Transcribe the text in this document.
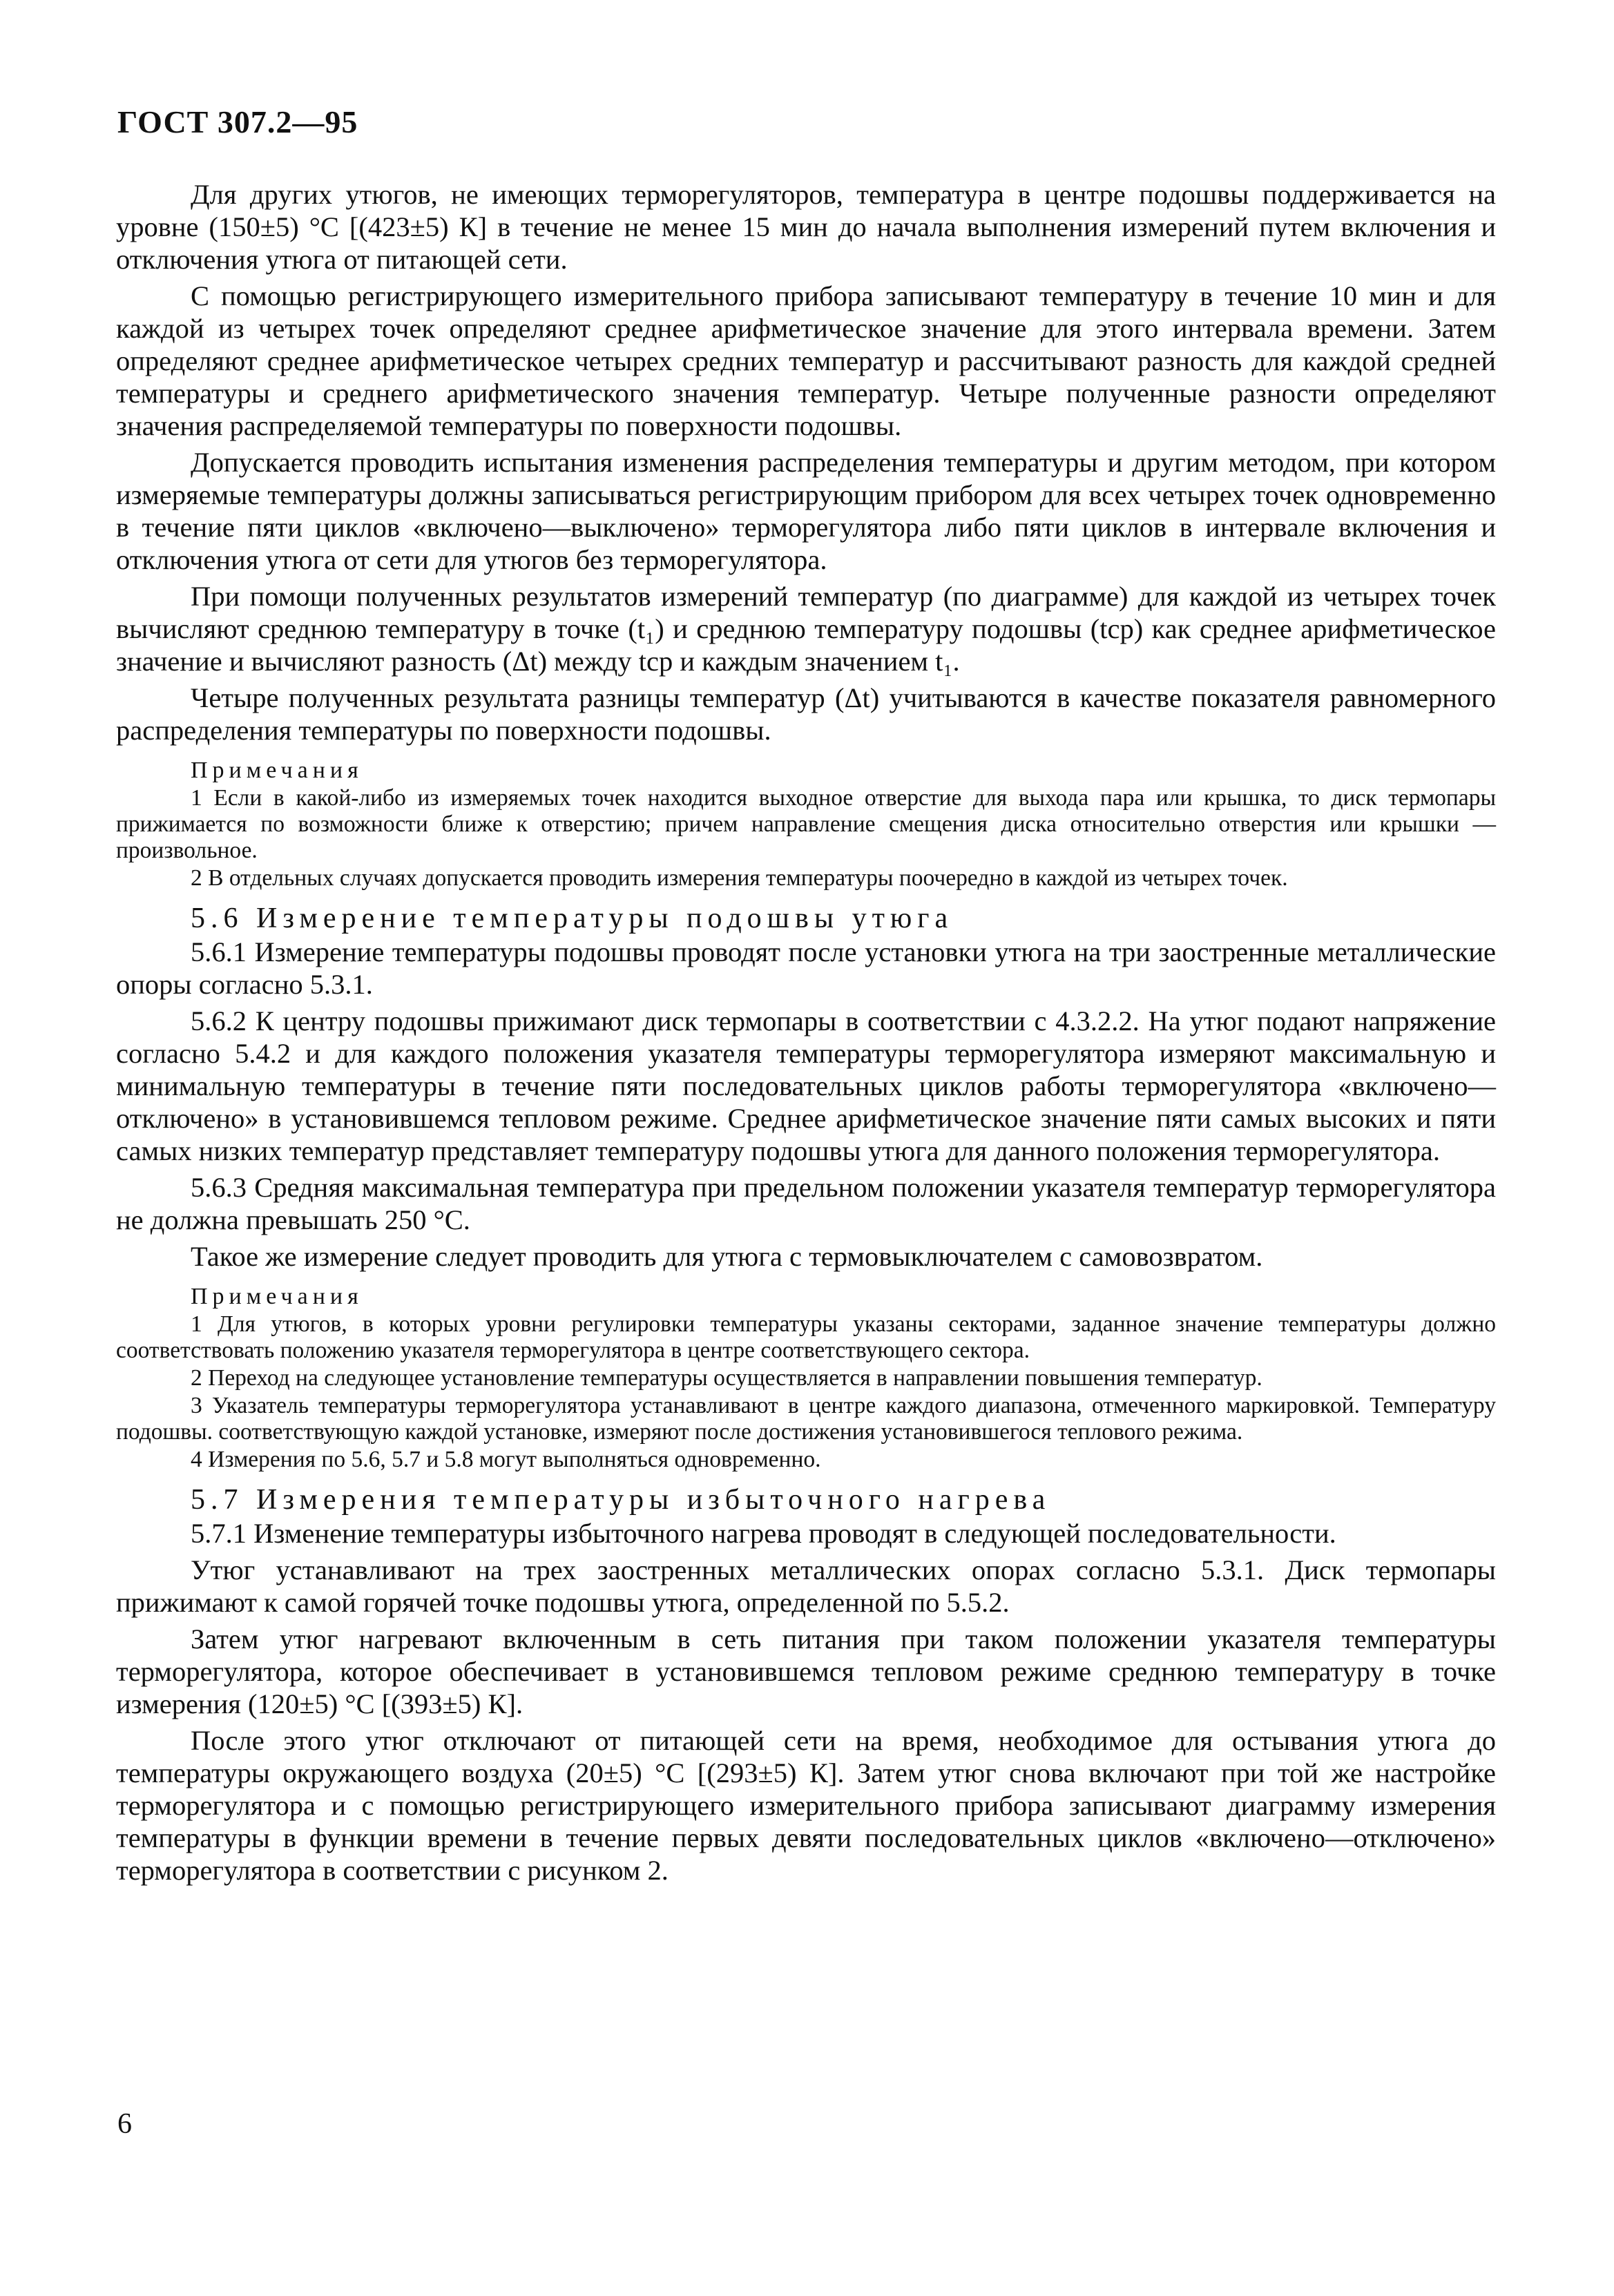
ГОСТ 307.2—95

Для других утюгов, не имеющих терморегуляторов, температура в центре подошвы поддерживается на уровне (150±5) °С [(423±5) К] в течение не менее 15 мин до начала выполнения измерений путем включения и отключения утюга от питающей сети.

С помощью регистрирующего измерительного прибора записывают температуру в течение 10 мин и для каждой из четырех точек определяют среднее арифметическое значение для этого интервала времени. Затем определяют среднее арифметическое четырех средних температур и рассчитывают разность для каждой средней температуры и среднего арифметического значения температур. Четыре полученные разности определяют значения распределяемой температуры по поверхности подошвы.

Допускается проводить испытания изменения распределения температуры и другим методом, при котором измеряемые температуры должны записываться регистрирующим прибором для всех четырех точек одновременно в течение пяти циклов «включено—выключено» терморегулятора либо пяти циклов в интервале включения и отключения утюга от сети для утюгов без терморегулятора.

При помощи полученных результатов измерений температур (по диаграмме) для каждой из четырех точек вычисляют среднюю температуру в точке (t₁) и среднюю температуру подошвы (tср) как среднее арифметическое значение и вычисляют разность (Δt) между tср и каждым значением t₁.

Четыре полученных результата разницы температур (Δt) учитываются в качестве показателя равномерного распределения температуры по поверхности подошвы.

Примечания

1 Если в какой-либо из измеряемых точек находится выходное отверстие для выхода пара или крышка, то диск термопары прижимается по возможности ближе к отверстию; причем направление смещения диска относительно отверстия или крышки — произвольное.

2 В отдельных случаях допускается проводить измерения температуры поочередно в каждой из четырех точек.

5.6 Измерение температуры подошвы утюга

5.6.1 Измерение температуры подошвы проводят после установки утюга на три заостренные металлические опоры согласно 5.3.1.

5.6.2 К центру подошвы прижимают диск термопары в соответствии с 4.3.2.2. На утюг подают напряжение согласно 5.4.2 и для каждого положения указателя температуры терморегулятора измеряют максимальную и минимальную температуры в течение пяти последовательных циклов работы терморегулятора «включено—отключено» в установившемся тепловом режиме. Среднее арифметическое значение пяти самых высоких и пяти самых низких температур представляет температуру подошвы утюга для данного положения терморегулятора.

5.6.3 Средняя максимальная температура при предельном положении указателя температур терморегулятора не должна превышать 250 °С.

Такое же измерение следует проводить для утюга с термовыключателем с самовозвратом.

Примечания

1 Для утюгов, в которых уровни регулировки температуры указаны секторами, заданное значение температуры должно соответствовать положению указателя терморегулятора в центре соответствующего сектора.

2 Переход на следующее установление температуры осуществляется в направлении повышения температур.

3 Указатель температуры терморегулятора устанавливают в центре каждого диапазона, отмеченного маркировкой. Температуру подошвы. соответствующую каждой установке, измеряют после достижения установившегося теплового режима.

4 Измерения по 5.6, 5.7 и 5.8 могут выполняться одновременно.

5.7 Измерения температуры избыточного нагрева

5.7.1 Изменение температуры избыточного нагрева проводят в следующей последовательности.

Утюг устанавливают на трех заостренных металлических опорах согласно 5.3.1. Диск термопары прижимают к самой горячей точке подошвы утюга, определенной по 5.5.2.

Затем утюг нагревают включенным в сеть питания при таком положении указателя температуры терморегулятора, которое обеспечивает в установившемся тепловом режиме среднюю температуру в точке измерения (120±5) °С [(393±5) К].

После этого утюг отключают от питающей сети на время, необходимое для остывания утюга до температуры окружающего воздуха (20±5) °С [(293±5) К]. Затем утюг снова включают при той же настройке терморегулятора и с помощью регистрирующего измерительного прибора записывают диаграмму измерения температуры в функции времени в течение первых девяти последовательных циклов «включено—отключено» терморегулятора в соответствии с рисунком 2.

6
